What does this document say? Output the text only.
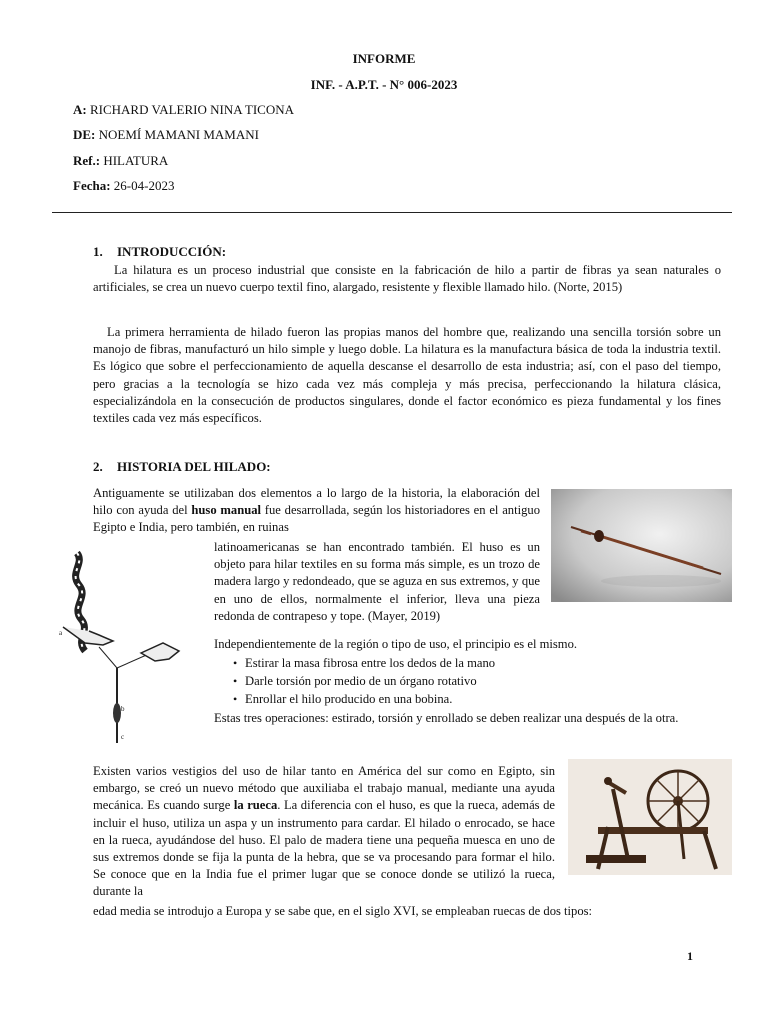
INFORME
INF. - A.P.T. - N° 006-2023
A: RICHARD VALERIO NINA TICONA
DE: NOEMÍ MAMANI MAMANI
Ref.: HILATURA
Fecha: 26-04-2023
1. INTRODUCCIÓN:
La hilatura es un proceso industrial que consiste en la fabricación de hilo a partir de fibras ya sean naturales o artificiales, se crea un nuevo cuerpo textil fino, alargado, resistente y flexible llamado hilo. (Norte, 2015)
La primera herramienta de hilado fueron las propias manos del hombre que, realizando una sencilla torsión sobre un manojo de fibras, manufacturó un hilo simple y luego doble. La hilatura es la manufactura básica de toda la industria textil. Es lógico que sobre el perfeccionamiento de aquella descanse el desarrollo de esta industria; así, con el paso del tiempo, pero gracias a la tecnología se hizo cada vez más compleja y más precisa, perfeccionando la hilatura clásica, especializándola en la consecución de productos singulares, donde el factor económico es pieza fundamental y los fines textiles cada vez más específicos.
2. HISTORIA DEL HILADO:
Antiguamente se utilizaban dos elementos a lo largo de la historia, la elaboración del hilo con ayuda del huso manual fue desarrollada, según los historiadores en el antiguo Egipto e India, pero también, en ruinas
latinoamericanas se han encontrado también. El huso es un objeto para hilar textiles en su forma más simple, es un trozo de madera largo y redondeado, que se aguza en sus extremos, y que en uno de ellos, normalmente el inferior, lleva una pieza redonda de contrapeso y tope. (Mayer, 2019)
Independientemente de la región o tipo de uso, el principio es el mismo.
• Estirar la masa fibrosa entre los dedos de la mano
• Darle torsión por medio de un órgano rotativo
• Enrollar el hilo producido en una bobina.
Estas tres operaciones: estirado, torsión y enrollado se deben realizar una después de la otra.
Existen varios vestigios del uso de hilar tanto en América del sur como en Egipto, sin embargo, se creó un nuevo método que auxiliaba el trabajo manual, mediante una ayuda mecánica. Es cuando surge la rueca. La diferencia con el huso, es que la rueca, además de incluir el huso, utiliza un aspa y un instrumento para cardar. El hilado o enrocado, se hace en la rueca, ayudándose del huso. El palo de madera tiene una pequeña muesca en uno de sus extremos donde se fija la punta de la hebra, que se va procesando para formar el hilo. Se conoce que en la India fue el primer lugar que se conoce donde se utilizó la rueca, durante la
edad media se introdujo a Europa y se sabe que, en el siglo XVI, se empleaban ruecas de dos tipos:
a
b
c
1
